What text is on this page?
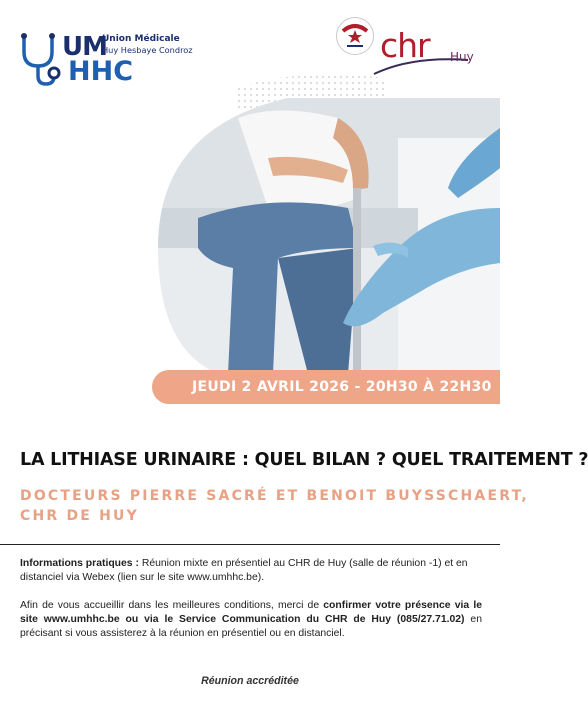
UM
HHC
Union Médicale
Huy Hesbaye Condroz	chr Huy
JEUDI 2 AVRIL 2026 - 20H30 À 22H30
LA LITHIASE URINAIRE : QUEL BILAN ? QUEL TRAITEMENT ?
DOCTEURS PIERRE SACRÉ ET BENOIT BUYSSCHAERT,
CHR DE HUY
Informations pratiques : Réunion mixte en présentiel au CHR de Huy (salle de réunion -1) et en distanciel via Webex (lien sur le site www.umhhc.be).
Afin de vous accueillir dans les meilleures conditions, merci de confirmer votre présence via le site www.umhhc.be ou via le Service Communication du CHR de Huy (085/27.71.02) en précisant si vous assisterez à la réunion en présentiel ou en distanciel.
Réunion accréditée
